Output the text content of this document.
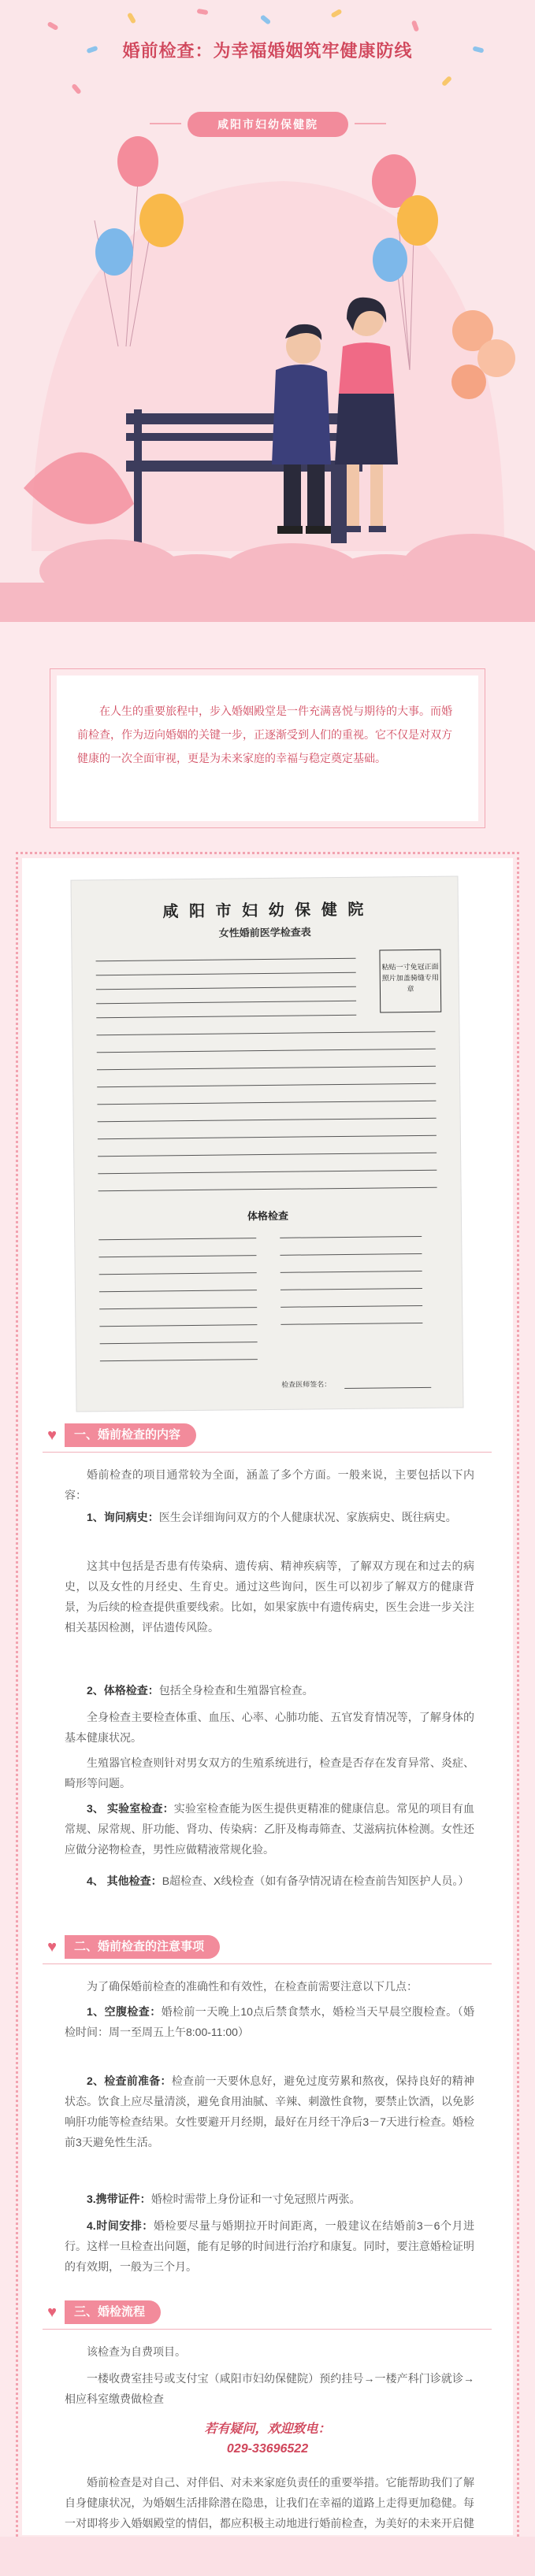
婚前检查：为幸福婚姻筑牢健康防线
咸阳市妇幼保健院
在人生的重要旅程中，步入婚姻殿堂是一件充满喜悦与期待的大事。而婚前检查，作为迈向婚姻的关键一步，正逐渐受到人们的重视。它不仅是对双方健康的一次全面审视，更是为未来家庭的幸福与稳定奠定基础。
咸 阳 市 妇 幼 保 健 院
女性婚前医学检查表
粘贴一寸免冠正面照片加盖骑缝专用章
体格检查
检查医师签名：
♥	一、婚前检查的内容
婚前检查的项目通常较为全面，涵盖了多个方面。一般来说，主要包括以下内容：
1、询问病史：医生会详细询问双方的个人健康状况、家族病史、既往病史。
这其中包括是否患有传染病、遗传病、精神疾病等，了解双方现在和过去的病史，以及女性的月经史、生育史。通过这些询问，医生可以初步了解双方的健康背景，为后续的检查提供重要线索。比如，如果家族中有遗传病史，医生会进一步关注相关基因检测，评估遗传风险。
2、体格检查：包括全身检查和生殖器官检查。
全身检查主要检查体重、血压、心率、心肺功能、五官发育情况等，了解身体的基本健康状况。
生殖器官检查则针对男女双方的生殖系统进行，检查是否存在发育异常、炎症、畸形等问题。
3、 实验室检查：实验室检查能为医生提供更精准的健康信息。常见的项目有血常规、尿常规、肝功能、肾功、传染病：乙肝及梅毒筛查、艾滋病抗体检测。女性还应做分泌物检查，男性应做精液常规化验。
4、 其他检查：B超检查、X线检查（如有备孕情况请在检查前告知医护人员。）
♥	二、婚前检查的注意事项
为了确保婚前检查的准确性和有效性，在检查前需要注意以下几点：
1、空腹检查：婚检前一天晚上10点后禁食禁水，婚检当天早晨空腹检查。（婚检时间：周一至周五上午8:00-11:00）
2、检查前准备：检查前一天要休息好，避免过度劳累和熬夜，保持良好的精神状态。饮食上应尽量清淡，避免食用油腻、辛辣、刺激性食物，要禁止饮酒，以免影响肝功能等检查结果。女性要避开月经期，最好在月经干净后3－7天进行检查。婚检前3天避免性生活。
3.携带证件：婚检时需带上身份证和一寸免冠照片两张。
4.时间安排：婚检要尽量与婚期拉开时间距离，一般建议在结婚前3－6个月进行。这样一旦检查出问题，能有足够的时间进行治疗和康复。同时，要注意婚检证明的有效期，一般为三个月。
♥	三、婚检流程
该检查为自费项目。
一楼收费室挂号或支付宝（咸阳市妇幼保健院）预约挂号→一楼产科门诊就诊→相应科室缴费做检查
若有疑问，欢迎致电：
029-33696522
婚前检查是对自己、对伴侣、对未来家庭负责任的重要举措。它能帮助我们了解自身健康状况，为婚姻生活排除潜在隐患，让我们在幸福的道路上走得更加稳健。每一对即将步入婚姻殿堂的情侣，都应积极主动地进行婚前检查，为美好的未来开启健
